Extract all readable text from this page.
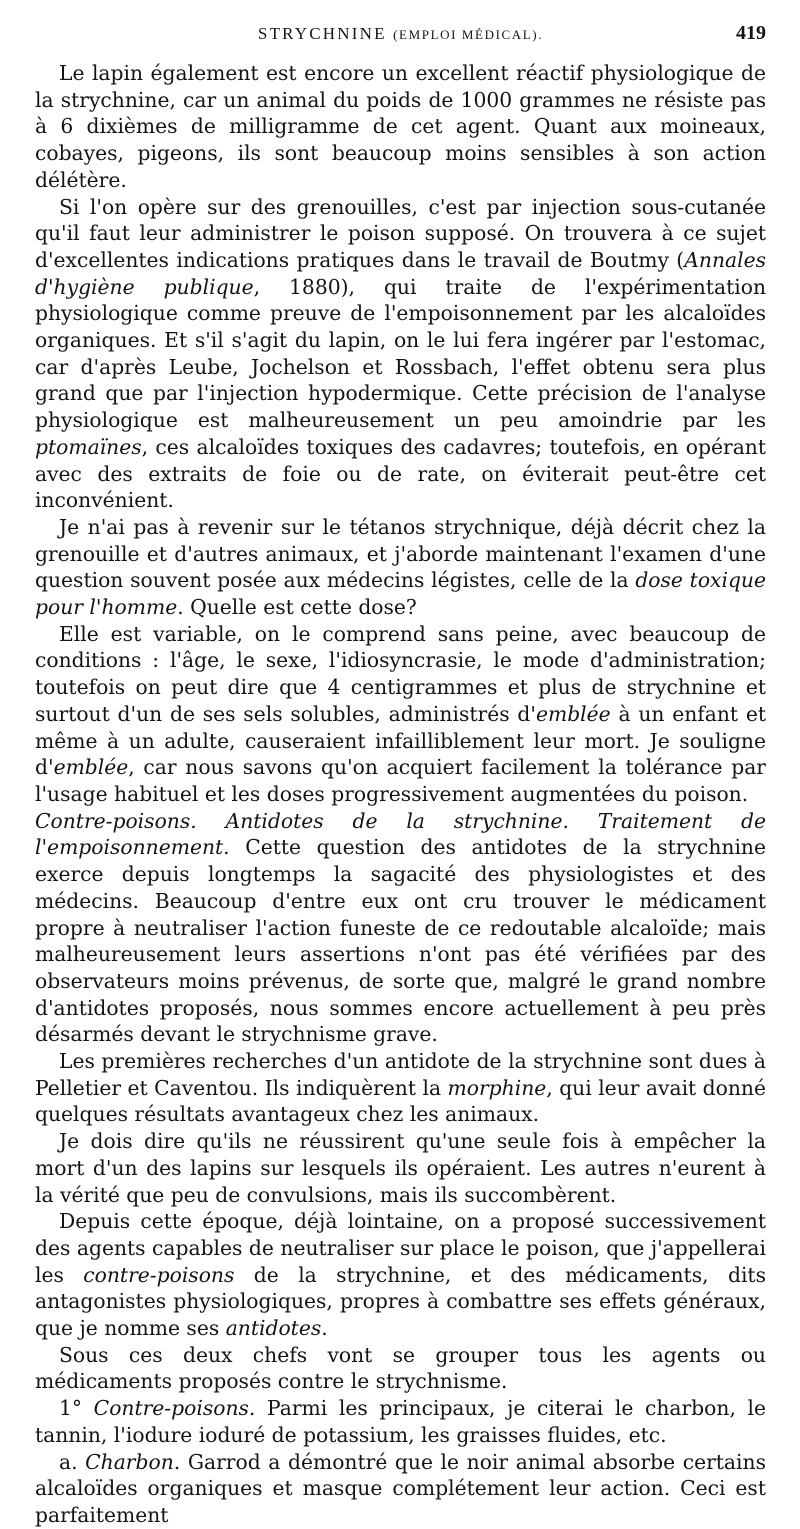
STRYCHNINE (EMPLOI MÉDICAL).	419

Le lapin également est encore un excellent réactif physiologique de la strychnine, car un animal du poids de 1000 grammes ne résiste pas à 6 dixièmes de milligramme de cet agent. Quant aux moineaux, cobayes, pigeons, ils sont beaucoup moins sensibles à son action délétère.

Si l'on opère sur des grenouilles, c'est par injection sous-cutanée qu'il faut leur administrer le poison supposé. On trouvera à ce sujet d'excellentes indications pratiques dans le travail de Boutmy (Annales d'hygiène publique, 1880), qui traite de l'expérimentation physiologique comme preuve de l'empoisonnement par les alcaloïdes organiques. Et s'il s'agit du lapin, on le lui fera ingérer par l'estomac, car d'après Leube, Jochelson et Rossbach, l'effet obtenu sera plus grand que par l'injection hypodermique. Cette précision de l'analyse physiologique est malheureusement un peu amoindrie par les ptomaïnes, ces alcaloïdes toxiques des cadavres; toutefois, en opérant avec des extraits de foie ou de rate, on éviterait peut-être cet inconvénient.

Je n'ai pas à revenir sur le tétanos strychnique, déjà décrit chez la grenouille et d'autres animaux, et j'aborde maintenant l'examen d'une question souvent posée aux médecins légistes, celle de la dose toxique pour l'homme. Quelle est cette dose?

Elle est variable, on le comprend sans peine, avec beaucoup de conditions : l'âge, le sexe, l'idiosyncrasie, le mode d'administration; toutefois on peut dire que 4 centigrammes et plus de strychnine et surtout d'un de ses sels solubles, administrés d'emblée à un enfant et même à un adulte, causeraient infailliblement leur mort. Je souligne d'emblée, car nous savons qu'on acquiert facilement la tolérance par l'usage habituel et les doses progressivement augmentées du poison.

Contre-poisons. Antidotes de la strychnine. Traitement de l'empoisonnement. Cette question des antidotes de la strychnine exerce depuis longtemps la sagacité des physiologistes et des médecins. Beaucoup d'entre eux ont cru trouver le médicament propre à neutraliser l'action funeste de ce redoutable alcaloïde; mais malheureusement leurs assertions n'ont pas été vérifiées par des observateurs moins prévenus, de sorte que, malgré le grand nombre d'antidotes proposés, nous sommes encore actuellement à peu près désarmés devant le strychnisme grave.

Les premières recherches d'un antidote de la strychnine sont dues à Pelletier et Caventou. Ils indiquèrent la morphine, qui leur avait donné quelques résultats avantageux chez les animaux.

Je dois dire qu'ils ne réussirent qu'une seule fois à empêcher la mort d'un des lapins sur lesquels ils opéraient. Les autres n'eurent à la vérité que peu de convulsions, mais ils succombèrent.

Depuis cette époque, déjà lointaine, on a proposé successivement des agents capables de neutraliser sur place le poison, que j'appellerai les contre-poisons de la strychnine, et des médicaments, dits antagonistes physiologiques, propres à combattre ses effets généraux, que je nomme ses antidotes.

Sous ces deux chefs vont se grouper tous les agents ou médicaments proposés contre le strychnisme.

1° Contre-poisons. Parmi les principaux, je citerai le charbon, le tannin, l'iodure ioduré de potassium, les graisses fluides, etc.

a. Charbon. Garrod a démontré que le noir animal absorbe certains alcaloïdes organiques et masque complétement leur action. Ceci est parfaitement
